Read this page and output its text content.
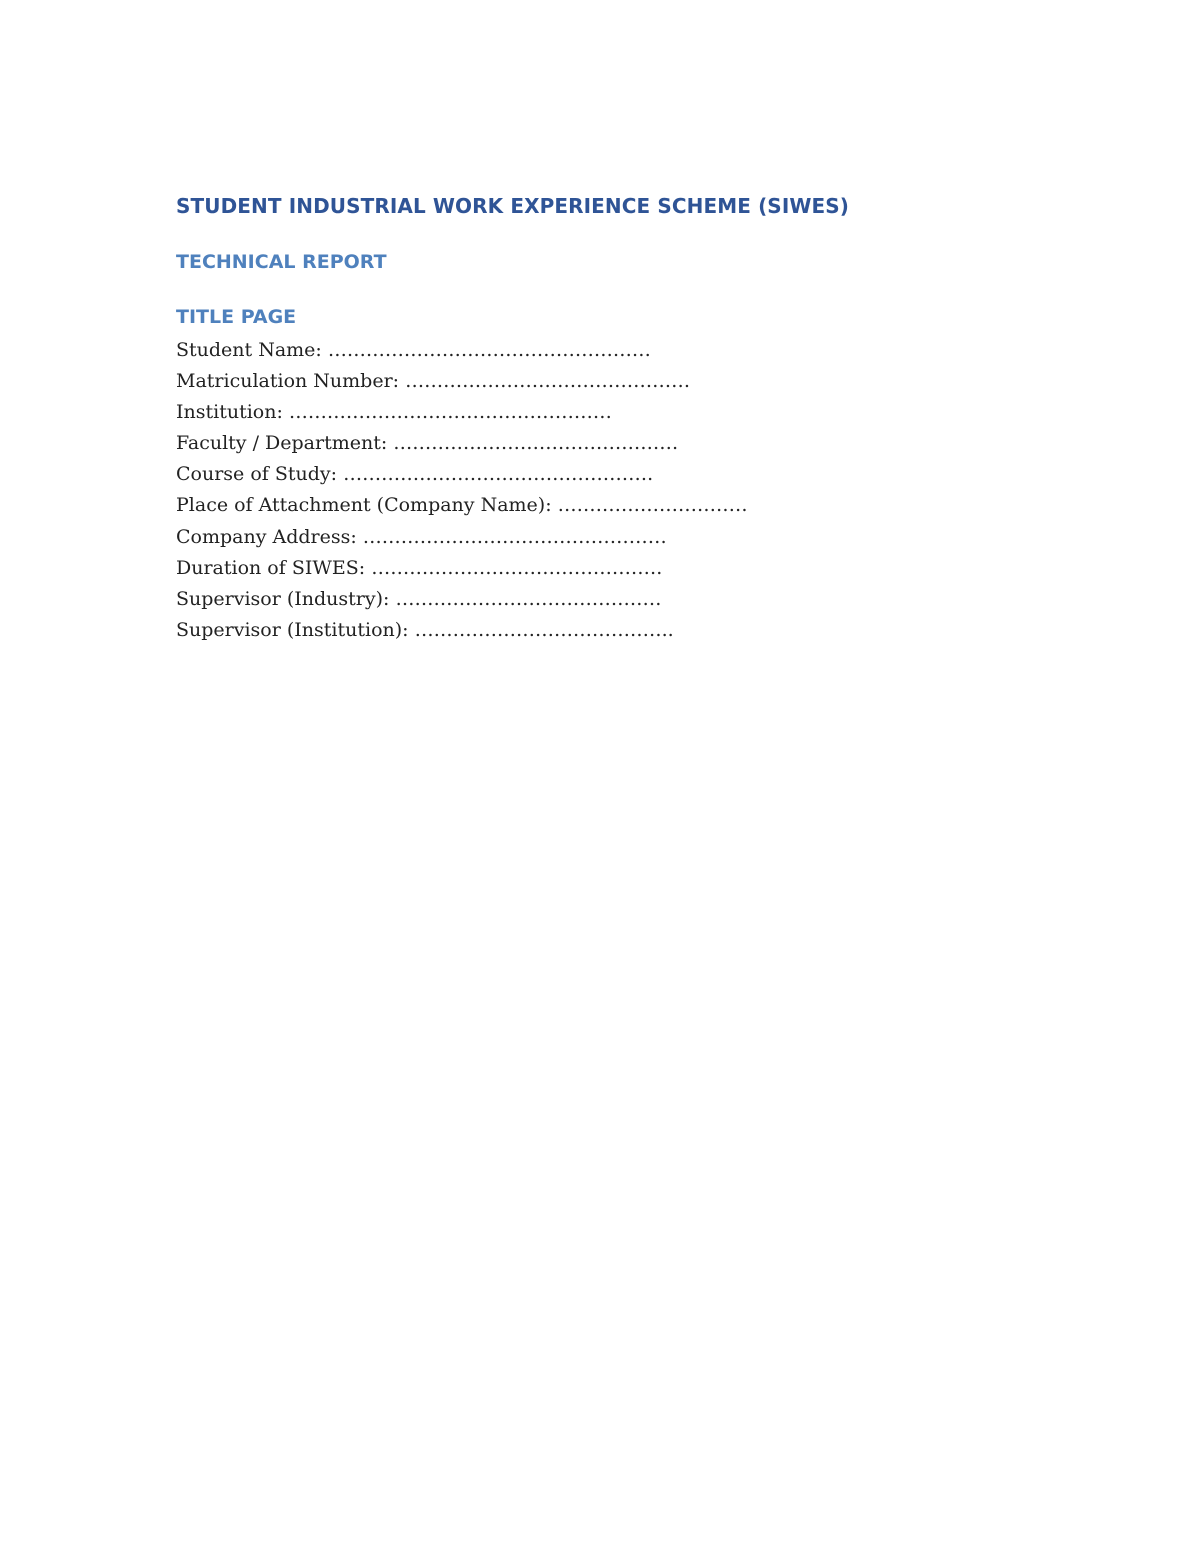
STUDENT INDUSTRIAL WORK EXPERIENCE SCHEME (SIWES)
TECHNICAL REPORT
TITLE PAGE
Student Name: ……………………………………………
Matriculation Number: ………………………………………
Institution: ……………………………………………
Faculty / Department: ………………………………………
Course of Study: ………………………………………….
Place of Attachment (Company Name): …………………………
Company Address: …………………………………………
Duration of SIWES: ……………………………………….
Supervisor (Industry): ……………………………………
Supervisor (Institution): …………………………………..
